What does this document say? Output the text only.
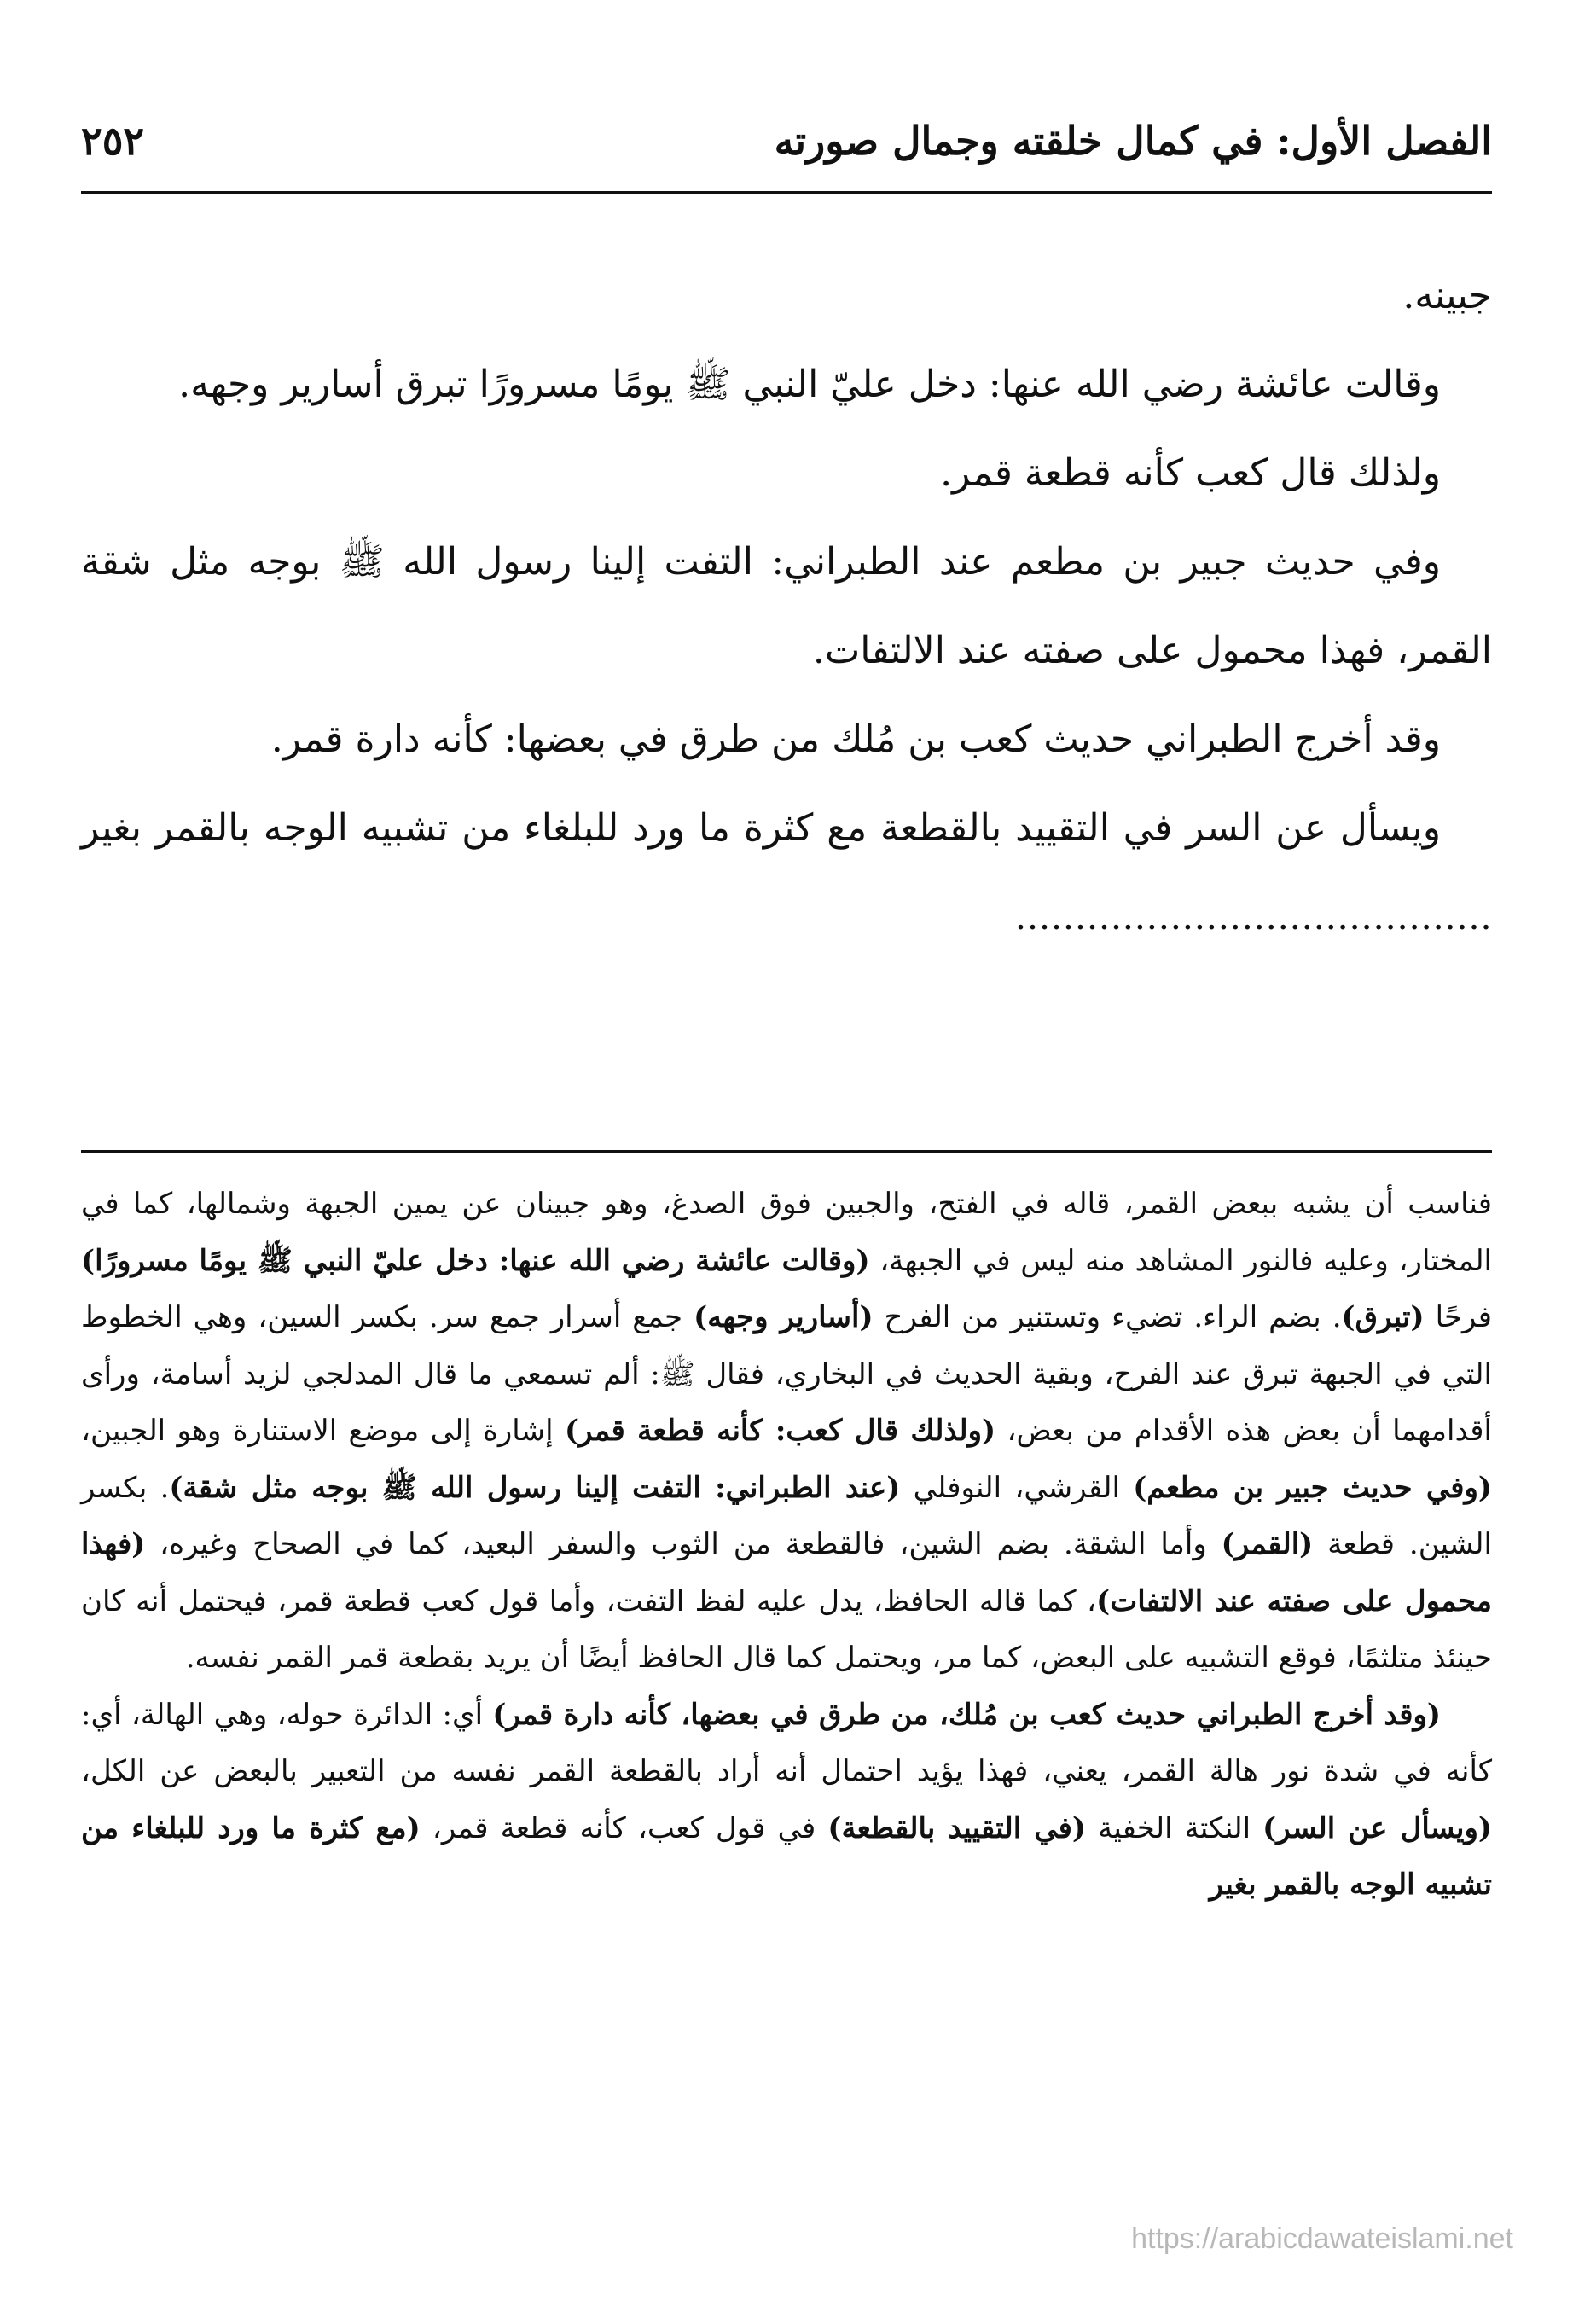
الفصل الأول: في كمال خلقته وجمال صورته
٢٥٢

جبينه.

وقالت عائشة رضي الله عنها: دخل عليّ النبي ﷺ يومًا مسرورًا تبرق أسارير وجهه.

ولذلك قال كعب كأنه قطعة قمر.

وفي حديث جبير بن مطعم عند الطبراني: التفت إلينا رسول الله ﷺ بوجه مثل شقة القمر، فهذا محمول على صفته عند الالتفات.

وقد أخرج الطبراني حديث كعب بن مُلك من طرق في بعضها: كأنه دارة قمر.

ويسأل عن السر في التقييد بالقطعة مع كثرة ما ورد للبلغاء من تشبيه الوجه بالقمر بغير ........................................

فناسب أن يشبه ببعض القمر، قاله في الفتح، والجبين فوق الصدغ، وهو جبينان عن يمين الجبهة وشمالها، كما في المختار، وعليه فالنور المشاهد منه ليس في الجبهة، (وقالت عائشة رضي الله عنها: دخل عليّ النبي ﷺ يومًا مسرورًا) فرحًا (تبرق). بضم الراء. تضيء وتستنير من الفرح (أسارير وجهه) جمع أسرار جمع سر. بكسر السين، وهي الخطوط التي في الجبهة تبرق عند الفرح، وبقية الحديث في البخاري، فقال ﷺ: ألم تسمعي ما قال المدلجي لزيد أسامة، ورأى أقدامهما أن بعض هذه الأقدام من بعض، (ولذلك قال كعب: كأنه قطعة قمر) إشارة إلى موضع الاستنارة وهو الجبين، (وفي حديث جبير بن مطعم) القرشي، النوفلي (عند الطبراني: التفت إلينا رسول الله ﷺ بوجه مثل شقة). بكسر الشين. قطعة (القمر) وأما الشقة. بضم الشين، فالقطعة من الثوب والسفر البعيد، كما في الصحاح وغيره، (فهذا محمول على صفته عند الالتفات)، كما قاله الحافظ، يدل عليه لفظ التفت، وأما قول كعب قطعة قمر، فيحتمل أنه كان حينئذ متلثمًا، فوقع التشبيه على البعض، كما مر، ويحتمل كما قال الحافظ أيضًا أن يريد بقطعة قمر القمر نفسه.

(وقد أخرج الطبراني حديث كعب بن مُلك، من طرق في بعضها، كأنه دارة قمر) أي: الدائرة حوله، وهي الهالة، أي: كأنه في شدة نور هالة القمر، يعني، فهذا يؤيد احتمال أنه أراد بالقطعة القمر نفسه من التعبير بالبعض عن الكل، (ويسأل عن السر) النكتة الخفية (في التقييد بالقطعة) في قول كعب، كأنه قطعة قمر، (مع كثرة ما ورد للبلغاء من تشبيه الوجه بالقمر بغير

https://arabicdawateislami.net
